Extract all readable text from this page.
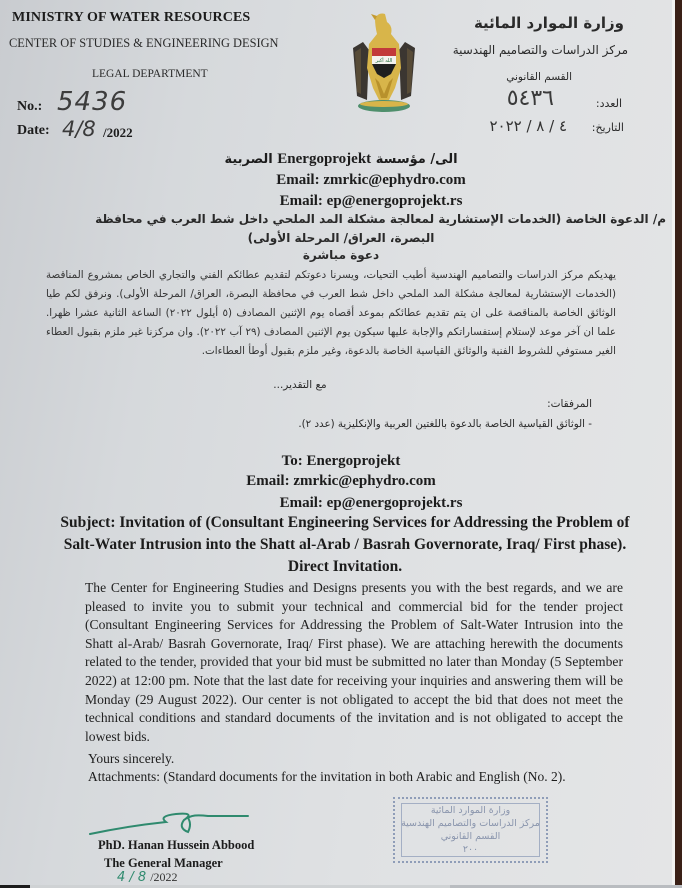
MINISTRY OF WATER RESOURCES
CENTER OF STUDIES & ENGINEERING DESIGN
LEGAL DEPARTMENT
No.: 5436
Date: 4/8 /2022
الله أكبر
وزارة الموارد المائية
مركز الدراسات والتصاميم الهندسية
القسم القانوني
العدد:
٥٤٣٦
التاريخ:
٤ / ٨ / ٢٠٢٢
الى/ مؤسسة Energoprojekt الصربية
Email: zmrkic@ephydro.com
Email: ep@energoprojekt.rs
م/ الدعوة الخاصة (الخدمات الإستشارية لمعالجة مشكلة المد الملحي داخل شط العرب في محافظة
البصرة، العراق/ المرحلة الأولى)
دعوة مباشرة
يهديكم مركز الدراسات والتصاميم الهندسية أطيب التحيات، ويسرنا دعوتكم لتقديم عطائكم الفني والتجاري الخاص بمشروع المناقصة (الخدمات الإستشارية لمعالجة مشكلة المد الملحي داخل شط العرب في محافظة البصرة، العراق/ المرحلة الأولى). ونرفق لكم طيا الوثائق الخاصة بالمناقصة على ان يتم تقديم عطائكم بموعد أقصاه يوم الإثنين المصادف (٥ أيلول ٢٠٢٢) الساعة الثانية عشرا ظهرا. علما ان آخر موعد لإستلام إستفساراتكم والإجابة عليها سيكون يوم الإثنين المصادف (٢٩ آب ٢٠٢٢). وان مركزنا غير ملزم بقبول العطاء الغير مستوفي للشروط الفنية والوثائق القياسية الخاصة بالدعوة، وغير ملزم بقبول أوطأ العطاءات.
مع التقدير...
المرفقات:
- الوثائق القياسية الخاصة بالدعوة باللغتين العربية والإنكليزية (عدد ٢).
To: Energoprojekt
Email: zmrkic@ephydro.com
Email: ep@energoprojekt.rs
Subject: Invitation of (Consultant Engineering Services for Addressing the Problem of Salt-Water Intrusion into the Shatt al-Arab / Basrah Governorate, Iraq/ First phase). Direct Invitation.
The Center for Engineering Studies and Designs presents you with the best regards, and we are pleased to invite you to submit your technical and commercial bid for the tender project (Consultant Engineering Services for Addressing the Problem of Salt-Water Intrusion into the Shatt al-Arab/ Basrah Governorate, Iraq/ First phase). We are attaching herewith the documents related to the tender, provided that your bid must be submitted no later than Monday (5 September 2022) at 12:00 pm. Note that the last date for receiving your inquiries and answering them will be Monday (29 August 2022). Our center is not obligated to accept the bid that does not meet the technical conditions and standard documents of the invitation and is not obligated to accept the lowest bids.
Yours sincerely.
Attachments: (Standard documents for the invitation in both Arabic and English (No. 2).
PhD. Hanan Hussein Abbood
The General Manager
4 / 8 /2022
وزارة الموارد المائية
مركز الدراسات والتصاميم الهندسية
القسم القانوني
٢٠٠
